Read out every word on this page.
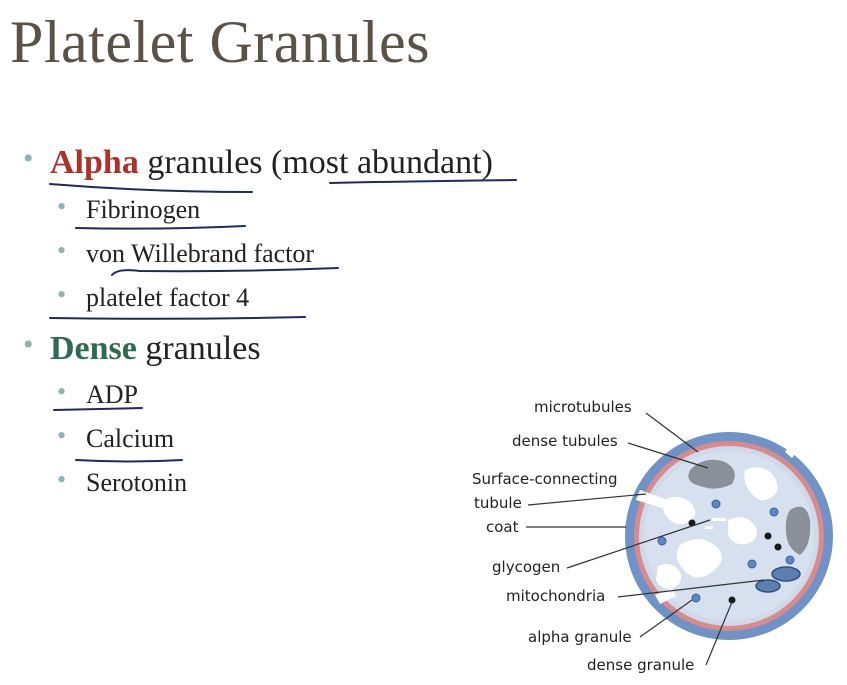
Platelet Granules
• Alpha granules (most abundant)
• Fibrinogen
• von Willebrand factor
• platelet factor 4
• Dense granules
• ADP
• Calcium
• Serotonin
microtubules
dense tubules
Surface-connecting
tubule
coat
glycogen
mitochondria
alpha granule
dense granule
